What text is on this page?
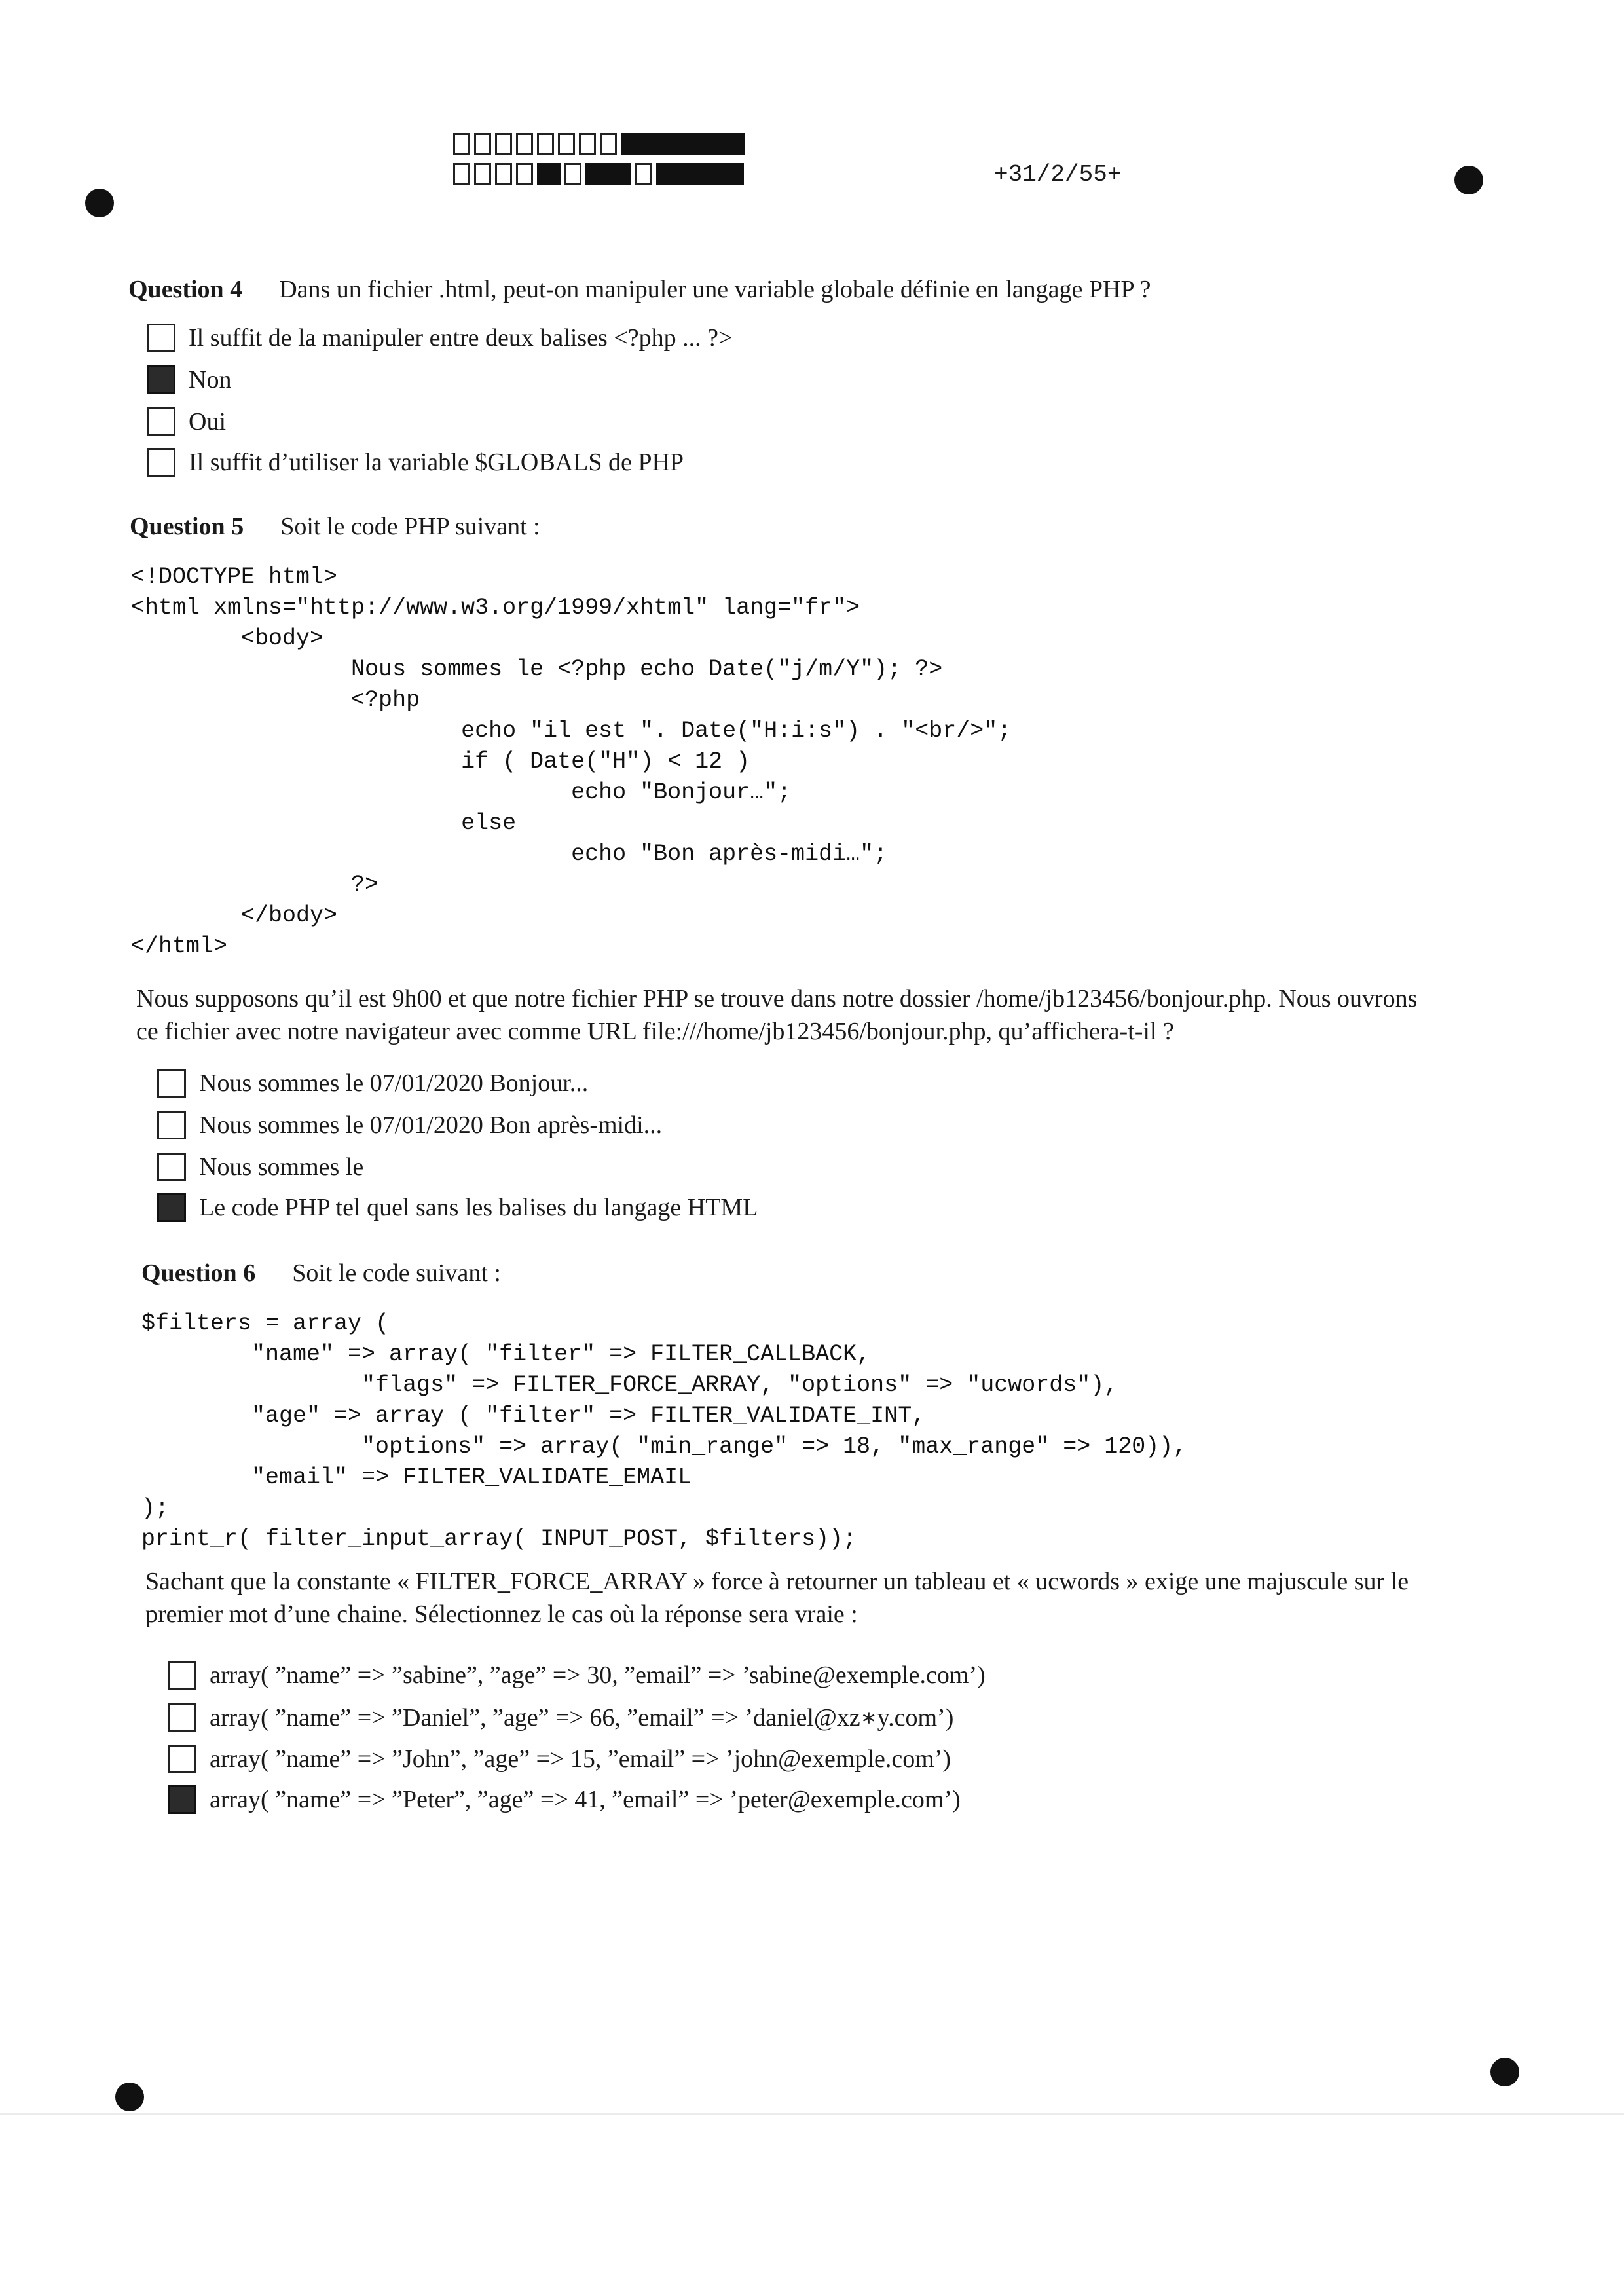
+31/2/55+
Question 4 Dans un fichier .html, peut-on manipuler une variable globale définie en langage PHP ?
Il suffit de la manipuler entre deux balises <?php ... ?>
Non
Oui
Il suffit d’utiliser la variable $GLOBALS de PHP
Question 5 Soit le code PHP suivant :
<!DOCTYPE html>
<html xmlns="http://www.w3.org/1999/xhtml" lang="fr">
<body>
Nous sommes le <?php echo Date("j/m/Y"); ?>
<?php
echo "il est ". Date("H:i:s") . "<br/>";
if ( Date("H") < 12 )
echo "Bonjour…";
else
echo "Bon après-midi…";
?>
</body>
</html>

Nous supposons qu’il est 9h00 et que notre fichier PHP se trouve dans notre dossier /home/jb123456/bonjour.php. Nous ouvrons
ce fichier avec notre navigateur avec comme URL file:///home/jb123456/bonjour.php, qu’affichera-t-il ?

Nous sommes le 07/01/2020 Bonjour...
Nous sommes le 07/01/2020 Bon après-midi...
Nous sommes le
Le code PHP tel quel sans les balises du langage HTML
Question 6 Soit le code suivant :
$filters = array (
"name" => array( "filter" => FILTER_CALLBACK,
"flags" => FILTER_FORCE_ARRAY, "options" => "ucwords"),
"age" => array ( "filter" => FILTER_VALIDATE_INT,
"options" => array( "min_range" => 18, "max_range" => 120)),
"email" => FILTER_VALIDATE_EMAIL
);
print_r( filter_input_array( INPUT_POST, $filters));

Sachant que la constante « FILTER_FORCE_ARRAY » force à retourner un tableau et « ucwords » exige une majuscule sur le
premier mot d’une chaine. Sélectionnez le cas où la réponse sera vraie :

array( ”name” => ”sabine”, ”age” => 30, ”email” => ’sabine@exemple.com’)
array( ”name” => ”Daniel”, ”age” => 66, ”email” => ’daniel@xz∗y.com’)
array( ”name” => ”John”, ”age” => 15, ”email” => ’john@exemple.com’)
array( ”name” => ”Peter”, ”age” => 41, ”email” => ’peter@exemple.com’)
